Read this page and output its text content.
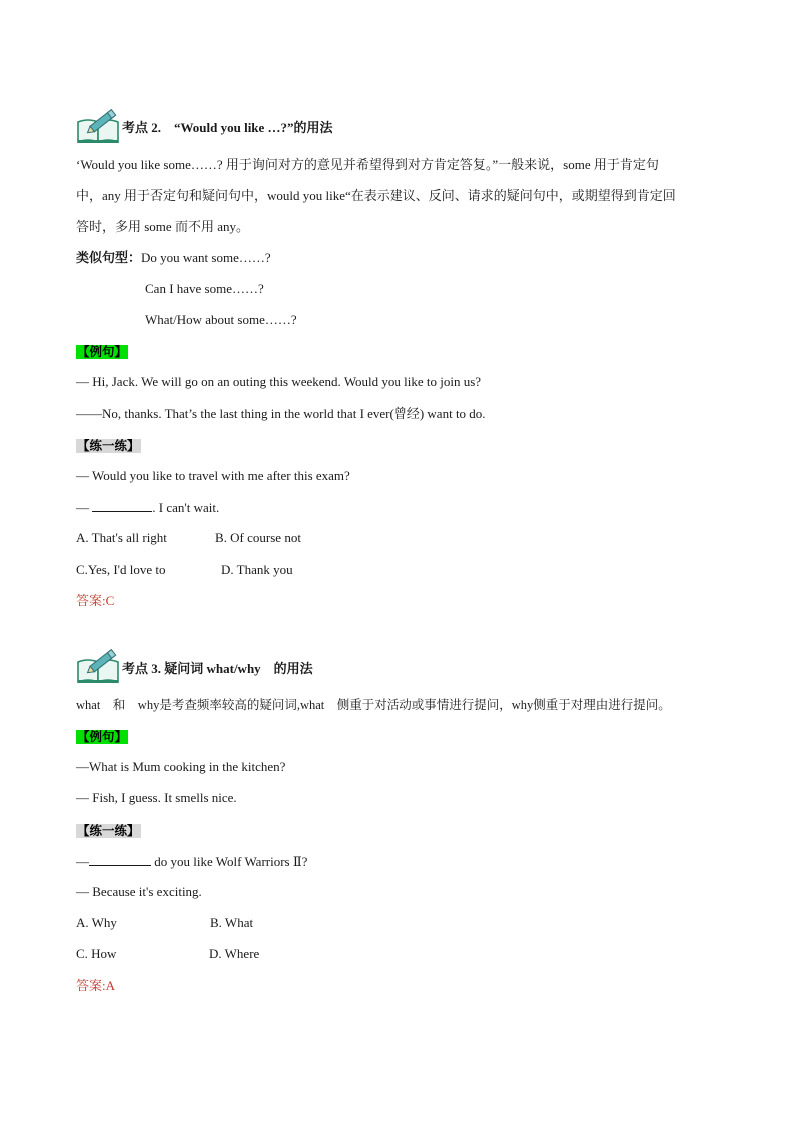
考点 2.　“Would you like …?”的用法
‘Would you like some……? 用于询问对方的意见并希望得到对方肯定答复。”一般来说，some 用于肯定句
中，any 用于否定句和疑问句中，would you like“在表示建议、反问、请求的疑问句中，或期望得到肯定回
答时，多用 some 而不用 any。
类似句型：Do you want some……?
Can I have some……?
What/How about some……?
【例句】
— Hi, Jack. We will go on an outing this weekend. Would you like to join us?
——No, thanks. That’s the last thing in the world that I ever(曾经) want to do.
【练一练】
— Would you like to travel with me after this exam?
—	. I can't wait.
A. That's all right	B. Of course not
C.Yes, I'd love to	D. Thank you
答案:C
考点 3. 疑问词 what/why　的用法
what　和　why是考查频率较高的疑问词,what　侧重于对活动或事情进行提问，why侧重于对理由进行提问。
【例句】
—What is Mum cooking in the kitchen?
— Fish, I guess. It smells nice.
【练一练】
—	do you like Wolf Warriors Ⅱ?
— Because it's exciting.
A. Why	B. What
C. How	D. Where
答案:A
